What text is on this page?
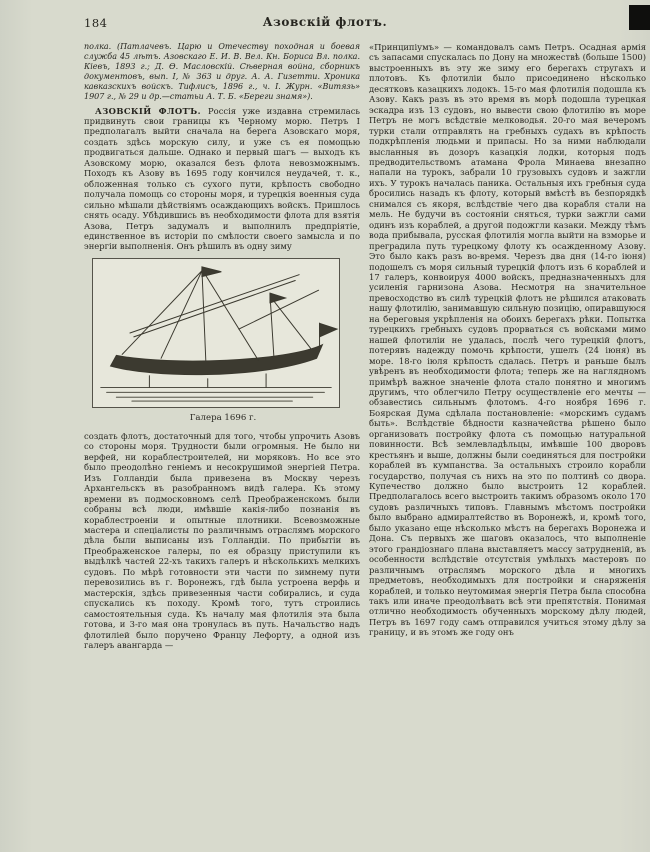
184	Азовскій флотъ.

полка. (Патлачевъ. Царю и Отечеству походная и боевая служба 45 лѣтъ. Азовскаго Е. И. В. Вел. Кн. Бориса Вл. полка. Кіевъ, 1893 г.; Д. Ѳ. Масловскій. Сѣверная война, сборникъ документовъ, вып. I, № 363 и друг. А. А. Гизетти. Хроника кавказскихъ войскъ. Тифлисъ, 1896 г., ч. I. Журн. «Витязь» 1907 г., № 29 и др.—статьи А. Т. Б. «Береги знамя»).

АЗОВСКІЙ ФЛОТЪ. Россія уже издавна стремилась придвинуть свои границы къ Черному морю. Петръ I предполагалъ выйти сначала на берега Азовскаго моря, создать здѣсь морскую силу, и уже съ ея помощью продвигаться дальше. Однако и первый шагъ — выходъ къ Азовскому морю, оказался безъ флота невозможнымъ. Походъ къ Азову въ 1695 году кончился неудачей, т. к., обложенная только съ сухого пути, крѣпость свободно получала помощь со стороны моря, и турецкія военныя суда сильно мѣшали дѣйствіямъ осаждающихъ войскъ. Пришлось снять осаду. Убѣдившись въ необходимости флота для взятія Азова, Петръ задумалъ и выполнилъ предпріятіе, единственное въ исторіи по смѣлости своего замысла и по энергіи выполненія. Онъ рѣшилъ въ одну зиму

Галера 1696 г.

создать флотъ, достаточный для того, чтобы упрочить Азовъ со стороны моря. Трудности были огромныя. Не было ни верфей, ни кораблестроителей, ни моряковъ. Но все это было преодолѣно геніемъ и несокрушимой энергіей Петра. Изъ Голландіи была привезена въ Москву черезъ Архангельскъ въ разобранномъ видѣ галера. Къ этому времени въ подмосковномъ селѣ Преображенскомъ были собраны всѣ люди, имѣвшіе какія-либо познанія въ кораблестроеніи и опытные плотники. Всевозможные мастера и спеціалисты по различнымъ отраслямъ морского дѣла были выписаны изъ Голландіи. По прибытіи въ Преображенское галеры, по ея образцу приступили къ выдѣлкѣ частей 22-хъ такихъ галеръ и нѣсколькихъ мелкихъ судовъ. По мѣрѣ готовности эти части по зимнему пути перевозились въ г. Воронежъ, гдѣ была устроена верфь и мастерскія, здѣсь привезенныя части собирались, и суда спускались къ походу. Кромѣ того, тутъ строились самостоятельныя суда. Къ началу мая флотилія эта была готова, и 3-го мая она тронулась въ путь. Начальство надъ флотиліей было поручено Францу Лефорту, а одной изъ галеръ авангарда —

«Принципіумъ» — командовалъ самъ Петръ. Осадная армія съ запасами спускалась по Дону на множествѣ (больше 1500) выстроенныхъ въ эту же зиму его берегахъ стругахъ и плотовъ. Къ флотиліи было присоединено нѣсколько десятковъ казацкихъ лодокъ. 15-го мая флотилія подошла къ Азову. Какъ разъ въ это время въ морѣ подошла турецкая эскадра изъ 13 судовъ, но вывести свою флотилію въ море Петръ не могъ всѣдствіе мелководья. 20-го мая вечеромъ турки стали отправлять на гребныхъ судахъ въ крѣпость подкрѣпленія людьми и припасы. Но за ними наблюдали высланныя въ дозоръ казацкія лодки, которыя подъ предводительствомъ атамана Фрола Минаева внезапно напали на турокъ, забрали 10 грузовыхъ судовъ и зажгли ихъ. У турокъ началась паника. Остальныя ихъ гребныя суда бросились назадъ къ флоту, который вмѣстѣ въ безпорядкѣ снимался съ якоря, вслѣдствіе чего два корабля стали на мель. Не будучи въ состояніи сняться, турки зажгли сами одинъ изъ кораблей, а другой подожгли казаки. Между тѣмъ вода прибывала, русская флотилія могла выйти на взморье и преградила путь турецкому флоту къ осажденному Азову. Это было какъ разъ во-время. Черезъ два дня (14-го іюня) подошелъ съ моря сильный турецкій флотъ изъ 6 кораблей и 17 галеръ, конвоируя 4000 войскъ, предназначенныхъ для усиленія гарнизона Азова. Несмотря на значительное превосходство въ силѣ турецкій флотъ не рѣшился атаковать нашу флотилію, занимавшую сильную позицію, опиравшуюся на береговыя укрѣпленія на обоихъ берегахъ рѣки. Попытка турецкихъ гребныхъ судовъ прорваться съ войсками мимо нашей флотиліи не удалась, послѣ чего турецкій флотъ, потерявъ надежду помочь крѣпости, ушелъ (24 іюня) въ море. 18-го іюля крѣпость сдалась. Петръ и раньше былъ увѣренъ въ необходимости флота; теперь же на наглядномъ примѣрѣ важное значеніе флота стало понятно и многимъ другимъ, что облегчило Петру осуществленіе его мечты — обзавестись сильнымъ флотомъ. 4-го ноября 1696 г. Боярская Дума сдѣлала постановленіе: «морскимъ судамъ быть». Вслѣдствіе бѣдности казначейства рѣшено было организовать постройку флота съ помощью натуральной повинности. Всѣ землевладѣльцы, имѣвшіе 100 дворовъ крестьянъ и выше, должны были соединяться для постройки кораблей въ кумпанства. За остальныхъ строило корабли государство, получая съ нихъ на это по полтинѣ со двора. Купечество должно было выстроить 12 кораблей. Предполагалось всего выстроить такимъ образомъ около 170 судовъ различныхъ типовъ. Главнымъ мѣстомъ постройки было выбрано адмиралтейство въ Воронежѣ, и, кромѣ того, было указано еще нѣсколько мѣстъ на берегахъ Воронежа и Дона. Съ первыхъ же шаговъ оказалось, что выполненіе этого грандіознаго плана выставляетъ массу затрудненій, въ особенности вслѣдствіе отсутствія умѣлыхъ мастеровъ по различнымъ отраслямъ морского дѣла и многихъ предметовъ, необходимыхъ для постройки и снаряженія кораблей, и только неутомимая энергія Петра была способна такъ или иначе преодолѣвать всѣ эти препятствія. Понимая отлично необходимость обученныхъ морскому дѣлу людей, Петръ въ 1697 году самъ отправился учиться этому дѣлу за границу, и въ этомъ же году онъ
